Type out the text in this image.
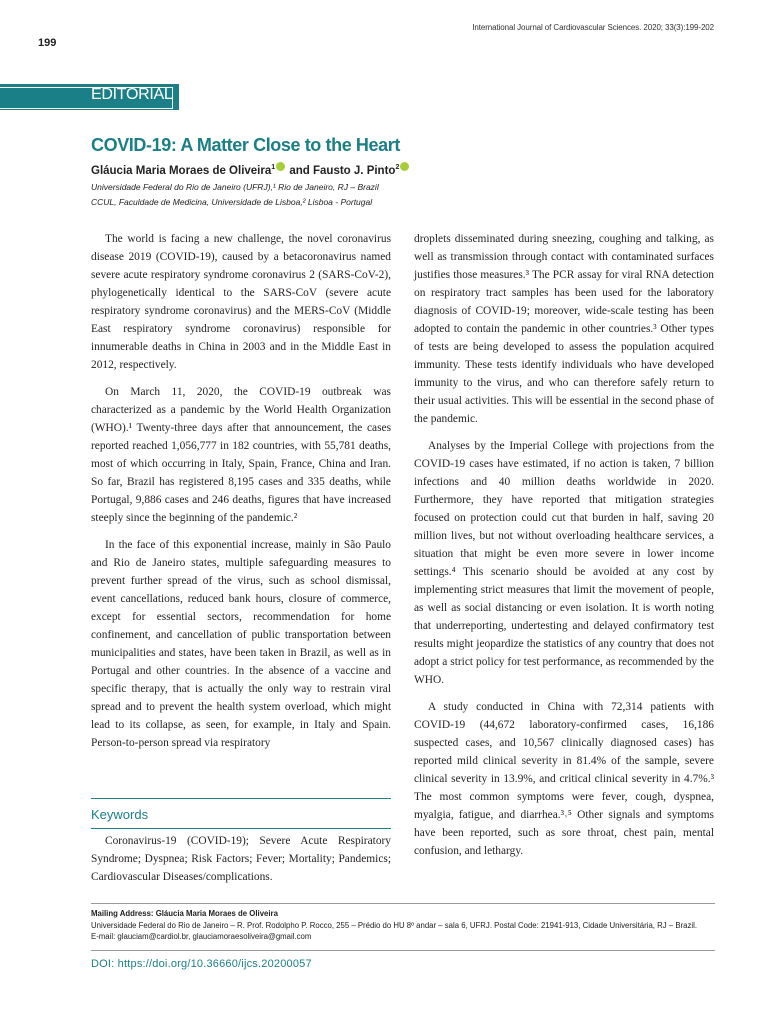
International Journal of Cardiovascular Sciences. 2020; 33(3):199-202
199
EDITORIAL
COVID-19: A Matter Close to the Heart
Gláucia Maria Moraes de Oliveira$^1$ and Fausto J. Pinto$^2$
Universidade Federal do Rio de Janeiro (UFRJ),¹ Rio de Janeiro, RJ – Brazil
CCUL, Faculdade de Medicina, Universidade de Lisboa,² Lisboa - Portugal

The world is facing a new challenge, the novel coronavirus disease 2019 (COVID-19), caused by a betacoronavirus named severe acute respiratory syndrome coronavirus 2 (SARS-CoV-2), phylogenetically identical to the SARS-CoV (severe acute respiratory syndrome coronavirus) and the MERS-CoV (Middle East respiratory syndrome coronavirus) responsible for innumerable deaths in China in 2003 and in the Middle East in 2012, respectively.

On March 11, 2020, the COVID-19 outbreak was characterized as a pandemic by the World Health Organization (WHO).¹ Twenty-three days after that announcement, the cases reported reached 1,056,777 in 182 countries, with 55,781 deaths, most of which occurring in Italy, Spain, France, China and Iran. So far, Brazil has registered 8,195 cases and 335 deaths, while Portugal, 9,886 cases and 246 deaths, figures that have increased steeply since the beginning of the pandemic.²

In the face of this exponential increase, mainly in São Paulo and Rio de Janeiro states, multiple safeguarding measures to prevent further spread of the virus, such as school dismissal, event cancellations, reduced bank hours, closure of commerce, except for essential sectors, recommendation for home confinement, and cancellation of public transportation between municipalities and states, have been taken in Brazil, as well as in Portugal and other countries. In the absence of a vaccine and specific therapy, that is actually the only way to restrain viral spread and to prevent the health system overload, which might lead to its collapse, as seen, for example, in Italy and Spain. Person-to-person spread via respiratory

droplets disseminated during sneezing, coughing and talking, as well as transmission through contact with contaminated surfaces justifies those measures.³ The PCR assay for viral RNA detection on respiratory tract samples has been used for the laboratory diagnosis of COVID-19; moreover, wide-scale testing has been adopted to contain the pandemic in other countries.³ Other types of tests are being developed to assess the population acquired immunity. These tests identify individuals who have developed immunity to the virus, and who can therefore safely return to their usual activities. This will be essential in the second phase of the pandemic.

Analyses by the Imperial College with projections from the COVID-19 cases have estimated, if no action is taken, 7 billion infections and 40 million deaths worldwide in 2020. Furthermore, they have reported that mitigation strategies focused on protection could cut that burden in half, saving 20 million lives, but not without overloading healthcare services, a situation that might be even more severe in lower income settings.⁴ This scenario should be avoided at any cost by implementing strict measures that limit the movement of people, as well as social distancing or even isolation. It is worth noting that underreporting, undertesting and delayed confirmatory test results might jeopardize the statistics of any country that does not adopt a strict policy for test performance, as recommended by the WHO.

A study conducted in China with 72,314 patients with COVID-19 (44,672 laboratory-confirmed cases, 16,186 suspected cases, and 10,567 clinically diagnosed cases) has reported mild clinical severity in 81.4% of the sample, severe clinical severity in 13.9%, and critical clinical severity in 4.7%.³ The most common symptoms were fever, cough, dyspnea, myalgia, fatigue, and diarrhea.³˒⁵ Other signals and symptoms have been reported, such as sore throat, chest pain, mental confusion, and lethargy.

Keywords
Coronavirus-19 (COVID-19); Severe Acute Respiratory Syndrome; Dyspnea; Risk Factors; Fever; Mortality; Pandemics; Cardiovascular Diseases/complications.
Mailing Address: Gláucia Maria Moraes de Oliveira
Universidade Federal do Rio de Janeiro – R. Prof. Rodolpho P. Rocco, 255 – Prédio do HU 8º andar – sala 6, UFRJ. Postal Code: 21941-913, Cidade Universitária, RJ – Brazil.
E-mail: glauciam@cardiol.br, glauciamoraesoliveira@gmail.com
DOI: https://doi.org/10.36660/ijcs.20200057
